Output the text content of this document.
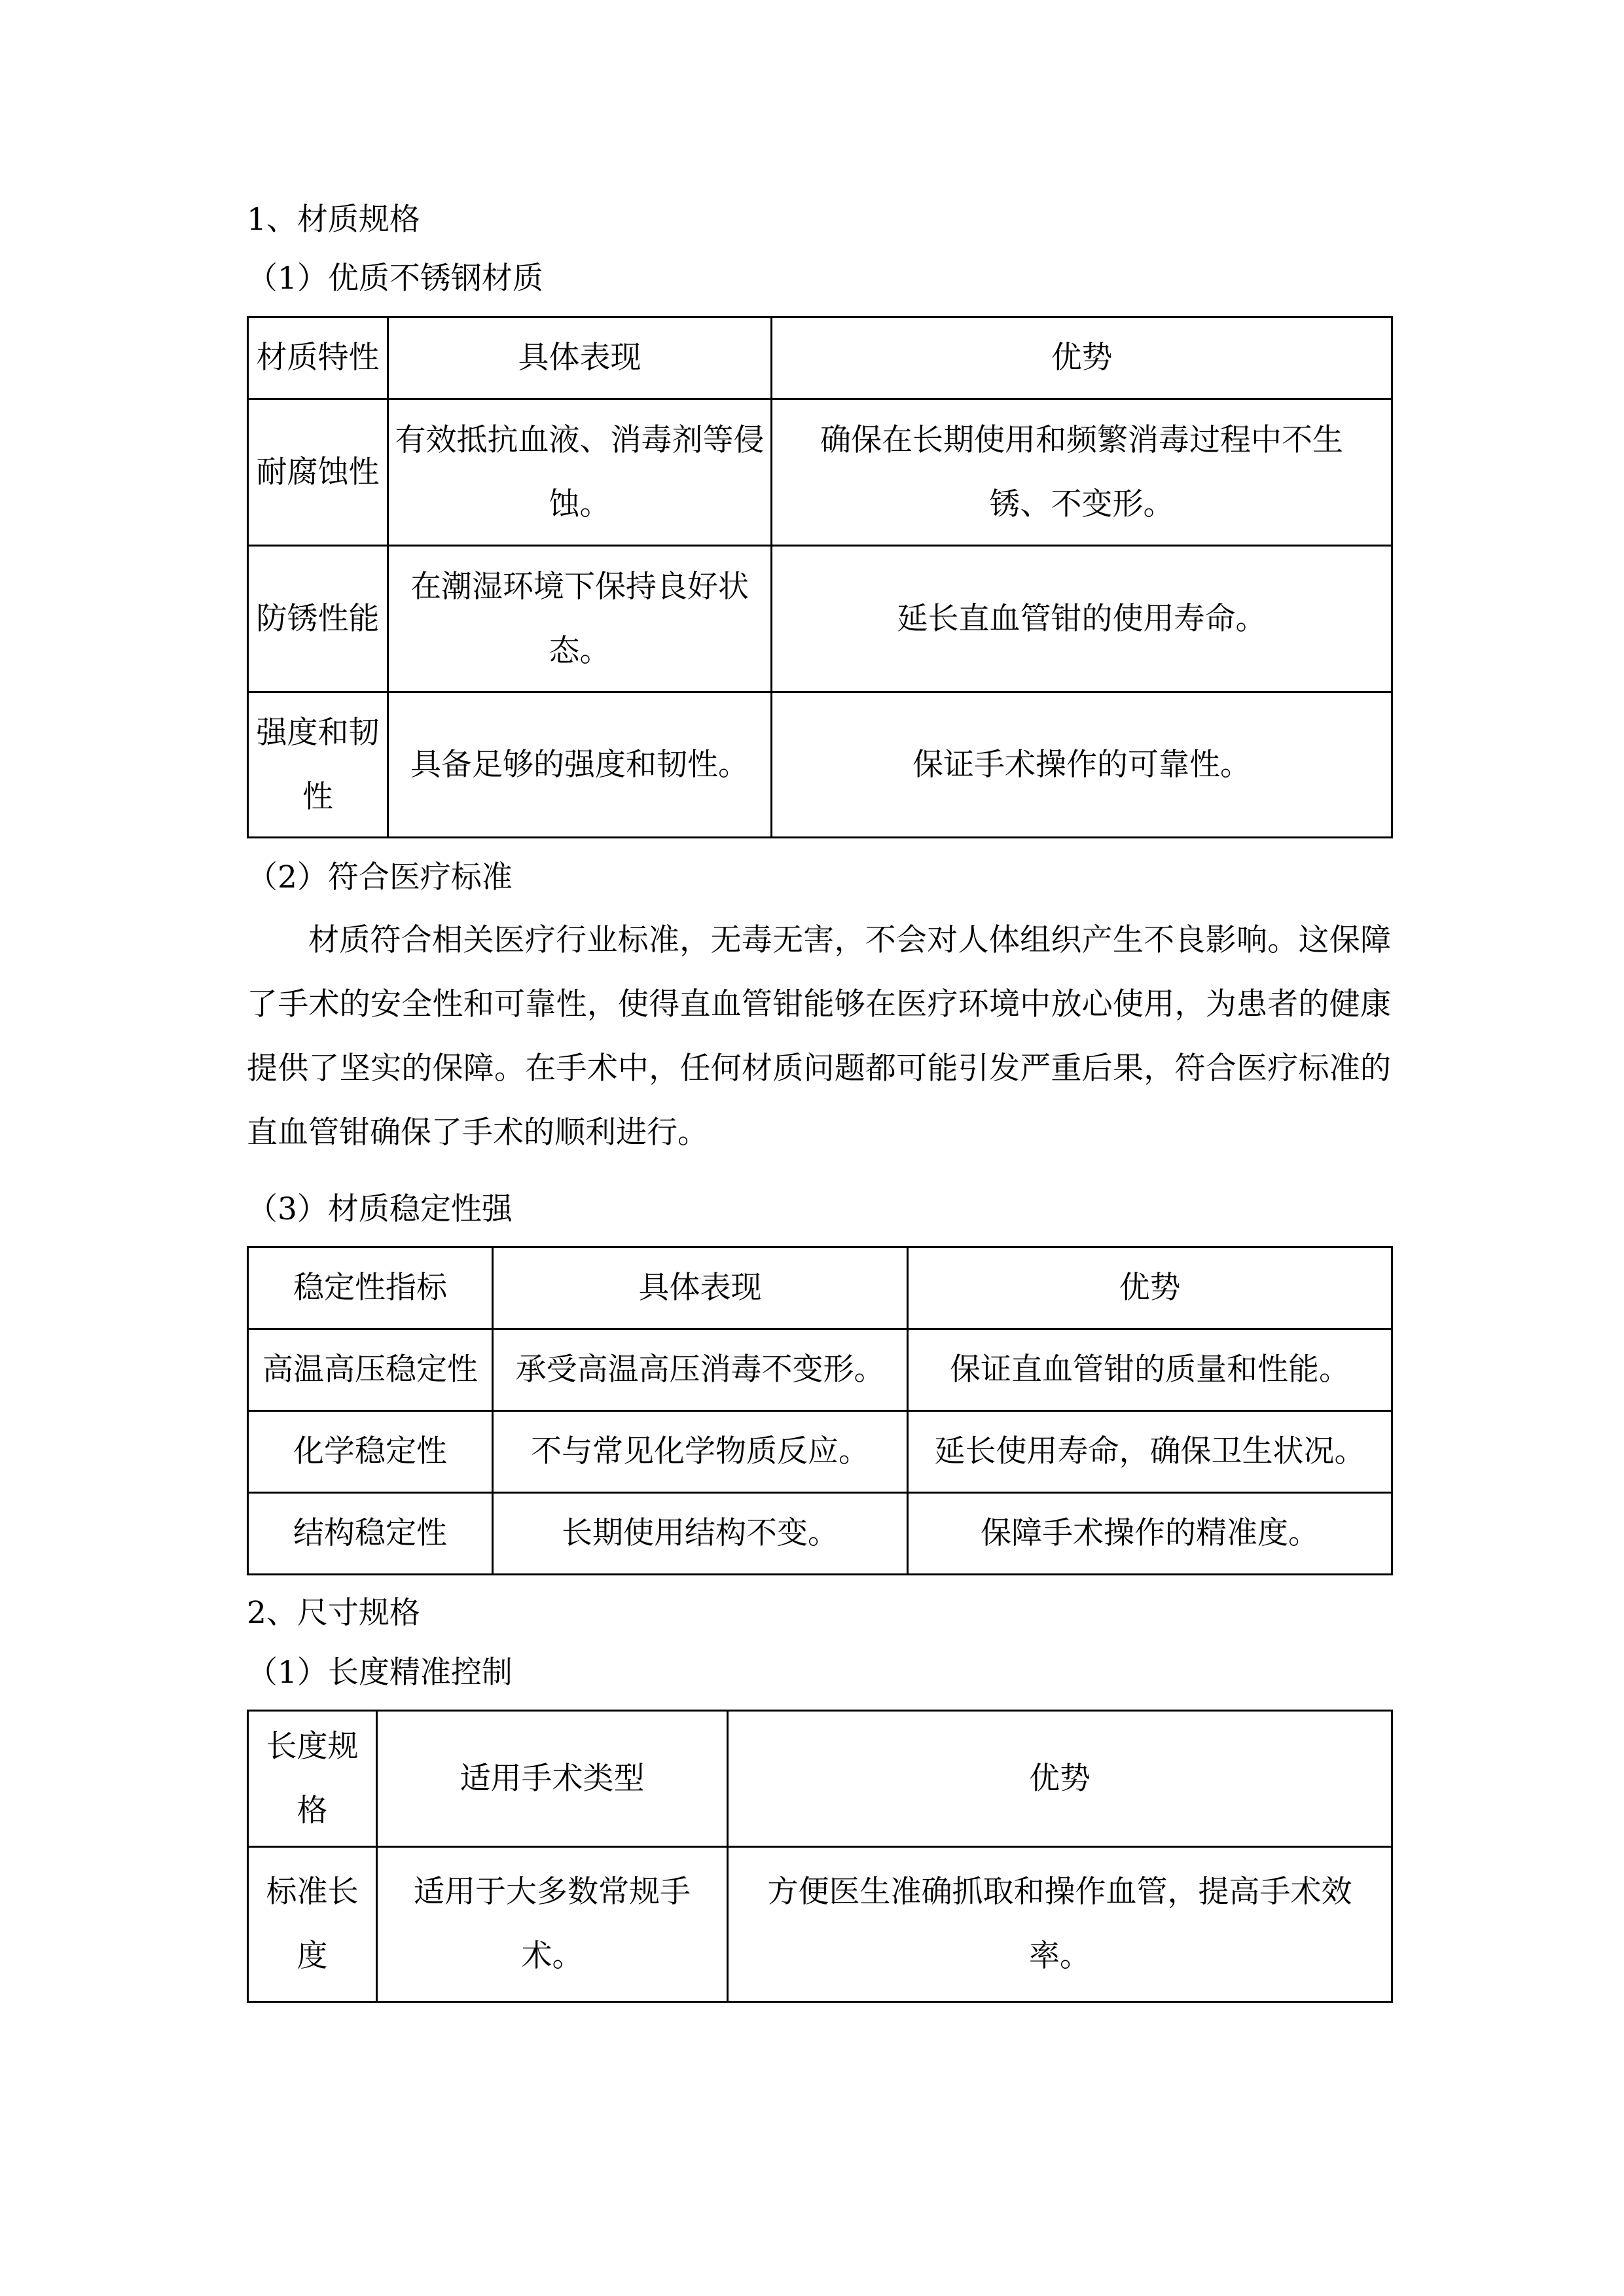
1、材质规格
（1）优质不锈钢材质
材质特性	具体表现	优势
耐腐蚀性	有效抵抗血液、消毒剂等侵蚀。	确保在长期使用和频繁消毒过程中不生锈、不变形。
防锈性能	在潮湿环境下保持良好状态。	延长直血管钳的使用寿命。
强度和韧性	具备足够的强度和韧性。	保证手术操作的可靠性。
（2）符合医疗标准

材质符合相关医疗行业标准，无毒无害，不会对人体组织产生不良影响。这保障了手术的安全性和可靠性，使得直血管钳能够在医疗环境中放心使用，为患者的健康提供了坚实的保障。在手术中，任何材质问题都可能引发严重后果，符合医疗标准的直血管钳确保了手术的顺利进行。

（3）材质稳定性强
稳定性指标	具体表现	优势
高温高压稳定性	承受高温高压消毒不变形。	保证直血管钳的质量和性能。
化学稳定性	不与常见化学物质反应。	延长使用寿命，确保卫生状况。
结构稳定性	长期使用结构不变。	保障手术操作的精准度。
2、尺寸规格
（1）长度精准控制
长度规格	适用手术类型	优势
标准长度	适用于大多数常规手术。	方便医生准确抓取和操作血管，提高手术效率。
